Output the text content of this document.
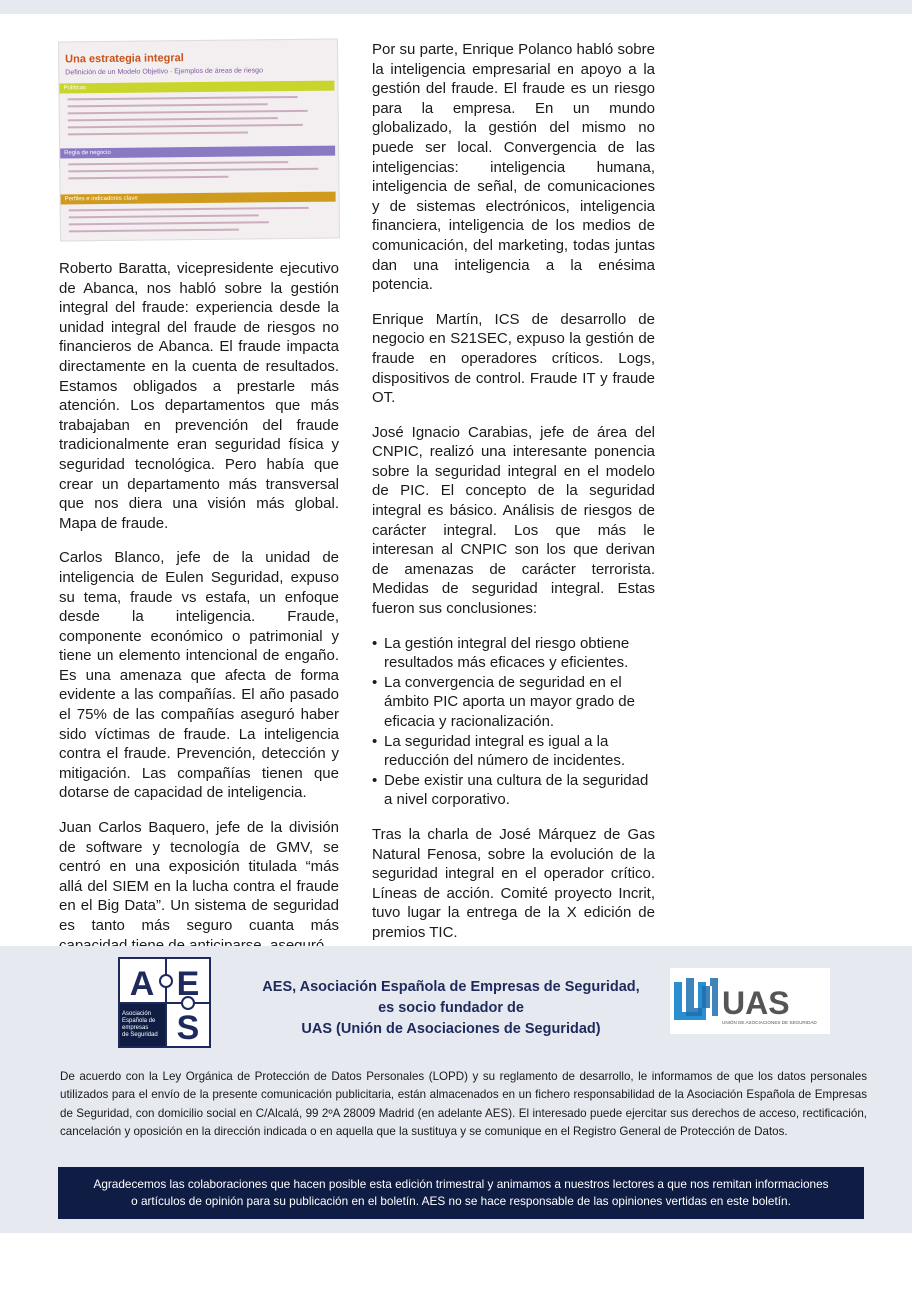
Una estrategia integral
Definición de un Modelo Objetivo · Ejemplos de áreas de riesgo
Políticas
Regla de negocio
Perfiles e indicadores clave

Roberto Baratta, vicepresidente ejecutivo de Abanca, nos habló sobre la gestión integral del fraude: experiencia desde la unidad integral del fraude de riesgos no financieros de Abanca. El fraude impacta directamente en la cuenta de resultados. Estamos obligados a prestarle más atención. Los departamentos que más trabajaban en prevención del fraude tradicionalmente eran seguridad física y seguridad tecnológica. Pero había que crear un departamento más transversal que nos diera una visión más global. Mapa de fraude.

Carlos Blanco, jefe de la unidad de inteligencia de Eulen Seguridad, expuso su tema, fraude vs estafa, un enfoque desde la inteligencia. Fraude, componente económico o patrimonial y tiene un elemento intencional de engaño. Es una amenaza que afecta de forma evidente a las compañías. El año pasado el 75% de las compañías aseguró haber sido víctimas de fraude. La inteligencia contra el fraude. Prevención, detección y mitigación. Las compañías tienen que dotarse de capacidad de inteligencia.

Juan Carlos Baquero, jefe de la división de software y tecnología de GMV, se centró en una exposición titulada “más allá del SIEM en la lucha contra el fraude en el Big Data”. Un sistema de seguridad es tanto más seguro cuanta más

Por su parte, Enrique Polanco habló sobre la inteligencia empresarial en apoyo a la gestión del fraude. El fraude es un riesgo para la empresa. En un mundo globalizado, la gestión del mismo no puede ser local. Convergencia de las inteligencias: inteligencia humana, inteligencia de señal, de comunicaciones y de sistemas electrónicos, inteligencia financiera, inteligencia de los medios de comunicación, del marketing, todas juntas dan una inteligencia a la enésima potencia.

Enrique Martín, ICS de desarrollo de negocio en S21SEC, expuso la gestión de fraude en operadores críticos. Logs, dispositivos de control. Fraude IT y fraude OT.

José Ignacio Carabias, jefe de área del CNPIC, realizó una interesante ponencia sobre la seguridad integral en el modelo de PIC. El concepto de la seguridad integral es básico. Análisis de riesgos de carácter integral. Los que más le interesan al CNPIC son los que derivan de amenazas de carácter terrorista. Medidas de seguridad integral. Estas fueron sus conclusiones:

• La gestión integral del riesgo obtiene resultados más eficaces y eficientes.
• La convergencia de seguridad en el ámbito PIC aporta un mayor grado de eficacia y racionalización.
• La seguridad integral es igual a la reducción del número de incidentes.
• Debe existir una cultura de la seguridad a nivel corporativo.

Tras la charla de José Márquez de Gas Natural Fenosa, sobre la evolución de la seguridad integral en el operador crítico. Líneas de acción. Comité proyecto Incrit, tuvo lugar la entrega de la X edición de premios TIC.

A E
S
Asociación Española de empresas de Seguridad
AES, Asociación Española de Empresas de Seguridad,
es socio fundador de
UAS (Unión de Asociaciones de Seguridad)
UAS
UNIÓN DE ASOCIACIONES DE SEGURIDAD
De acuerdo con la Ley Orgánica de Protección de Datos Personales (LOPD) y su reglamento de desarrollo, le informamos de que los datos personales utilizados para el envío de la presente comunicación publicitaria, están almacenados en un fichero responsabilidad de la Asociación Española de Empresas de Seguridad, con domicilio social en C/Alcalá, 99 2ºA 28009 Madrid (en adelante AES). El interesado puede ejercitar sus derechos de acceso, rectificación, cancelación y oposición en la dirección indicada o en aquella que la sustituya y se comunique en el Registro General de Protección de Datos.
Agradecemos las colaboraciones que hacen posible esta edición trimestral y animamos a nuestros lectores a que nos remitan informaciones
o artículos de opinión para su publicación en el boletín. AES no se hace responsable de las opiniones vertidas en este boletín.
